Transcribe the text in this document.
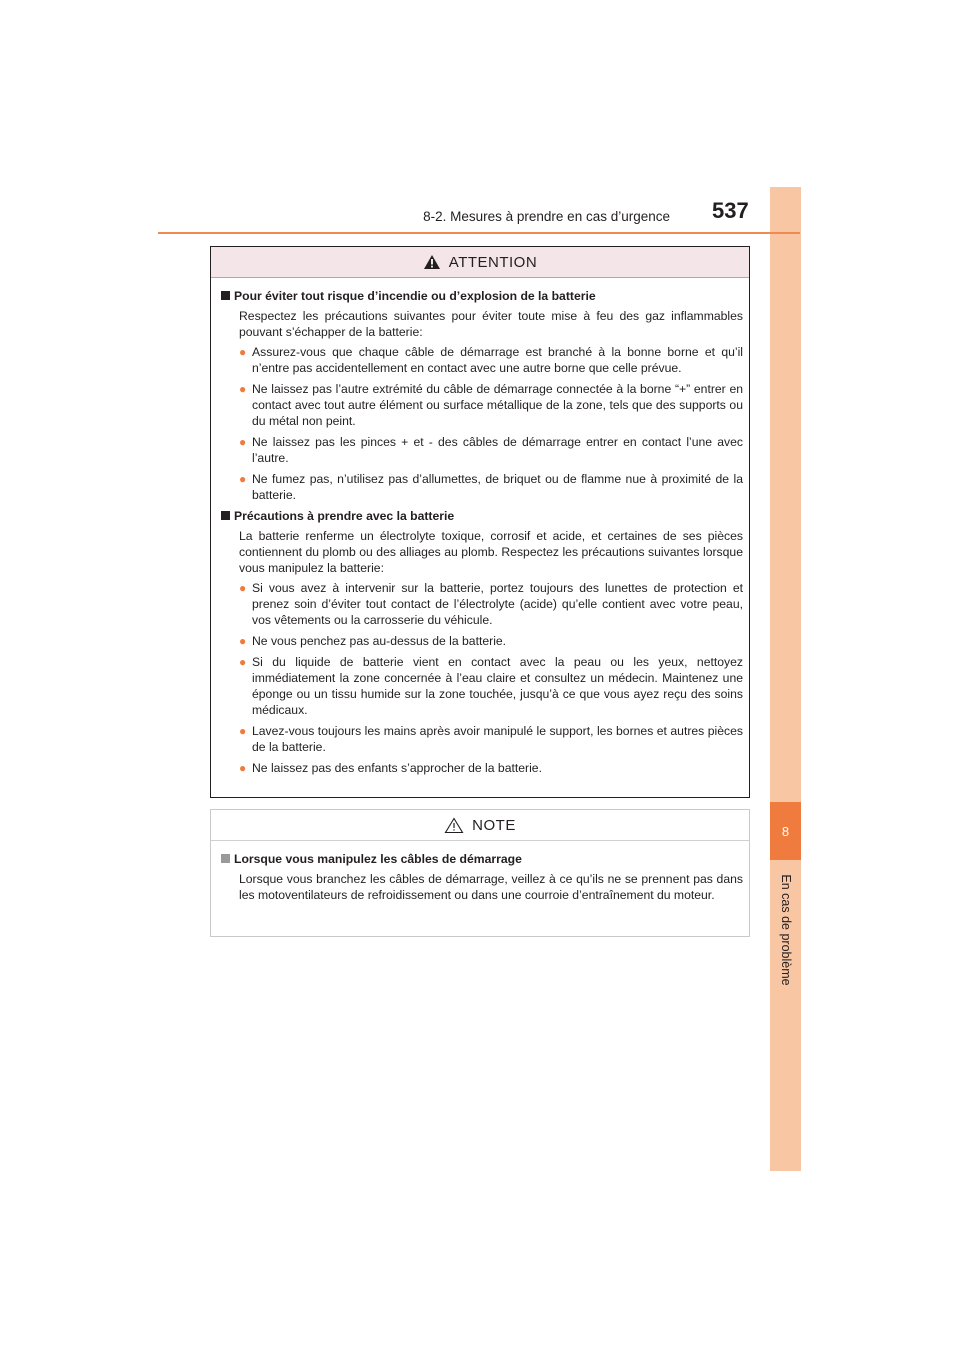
8
En cas de problème
8-2. Mesures à prendre en cas d’urgence 537
ATTENTION
Pour éviter tout risque d’incendie ou d’explosion de la batterie
Respectez les précautions suivantes pour éviter toute mise à feu des gaz inflammables pouvant s’échapper de la batterie:
● Assurez-vous que chaque câble de démarrage est branché à la bonne borne et qu’il n’entre pas accidentellement en contact avec une autre borne que celle prévue.
● Ne laissez pas l’autre extrémité du câble de démarrage connectée à la borne “+” entrer en contact avec tout autre élément ou surface métallique de la zone, tels que des supports ou du métal non peint.
● Ne laissez pas les pinces + et - des câbles de démarrage entrer en contact l’une avec l’autre.
● Ne fumez pas, n’utilisez pas d’allumettes, de briquet ou de flamme nue à proximité de la batterie.
Précautions à prendre avec la batterie
La batterie renferme un électrolyte toxique, corrosif et acide, et certaines de ses pièces contiennent du plomb ou des alliages au plomb. Respectez les précautions suivantes lorsque vous manipulez la batterie:
● Si vous avez à intervenir sur la batterie, portez toujours des lunettes de protection et prenez soin d’éviter tout contact de l’électrolyte (acide) qu’elle contient avec votre peau, vos vêtements ou la carrosserie du véhicule.
● Ne vous penchez pas au-dessus de la batterie.
● Si du liquide de batterie vient en contact avec la peau ou les yeux, nettoyez immédiatement la zone concernée à l’eau claire et consultez un médecin. Maintenez une éponge ou un tissu humide sur la zone touchée, jusqu’à ce que vous ayez reçu des soins médicaux.
● Lavez-vous toujours les mains après avoir manipulé le support, les bornes et autres pièces de la batterie.
● Ne laissez pas des enfants s’approcher de la batterie.
NOTE
Lorsque vous manipulez les câbles de démarrage
Lorsque vous branchez les câbles de démarrage, veillez à ce qu’ils ne se prennent pas dans les motoventilateurs de refroidissement ou dans une courroie d’entraînement du moteur.
